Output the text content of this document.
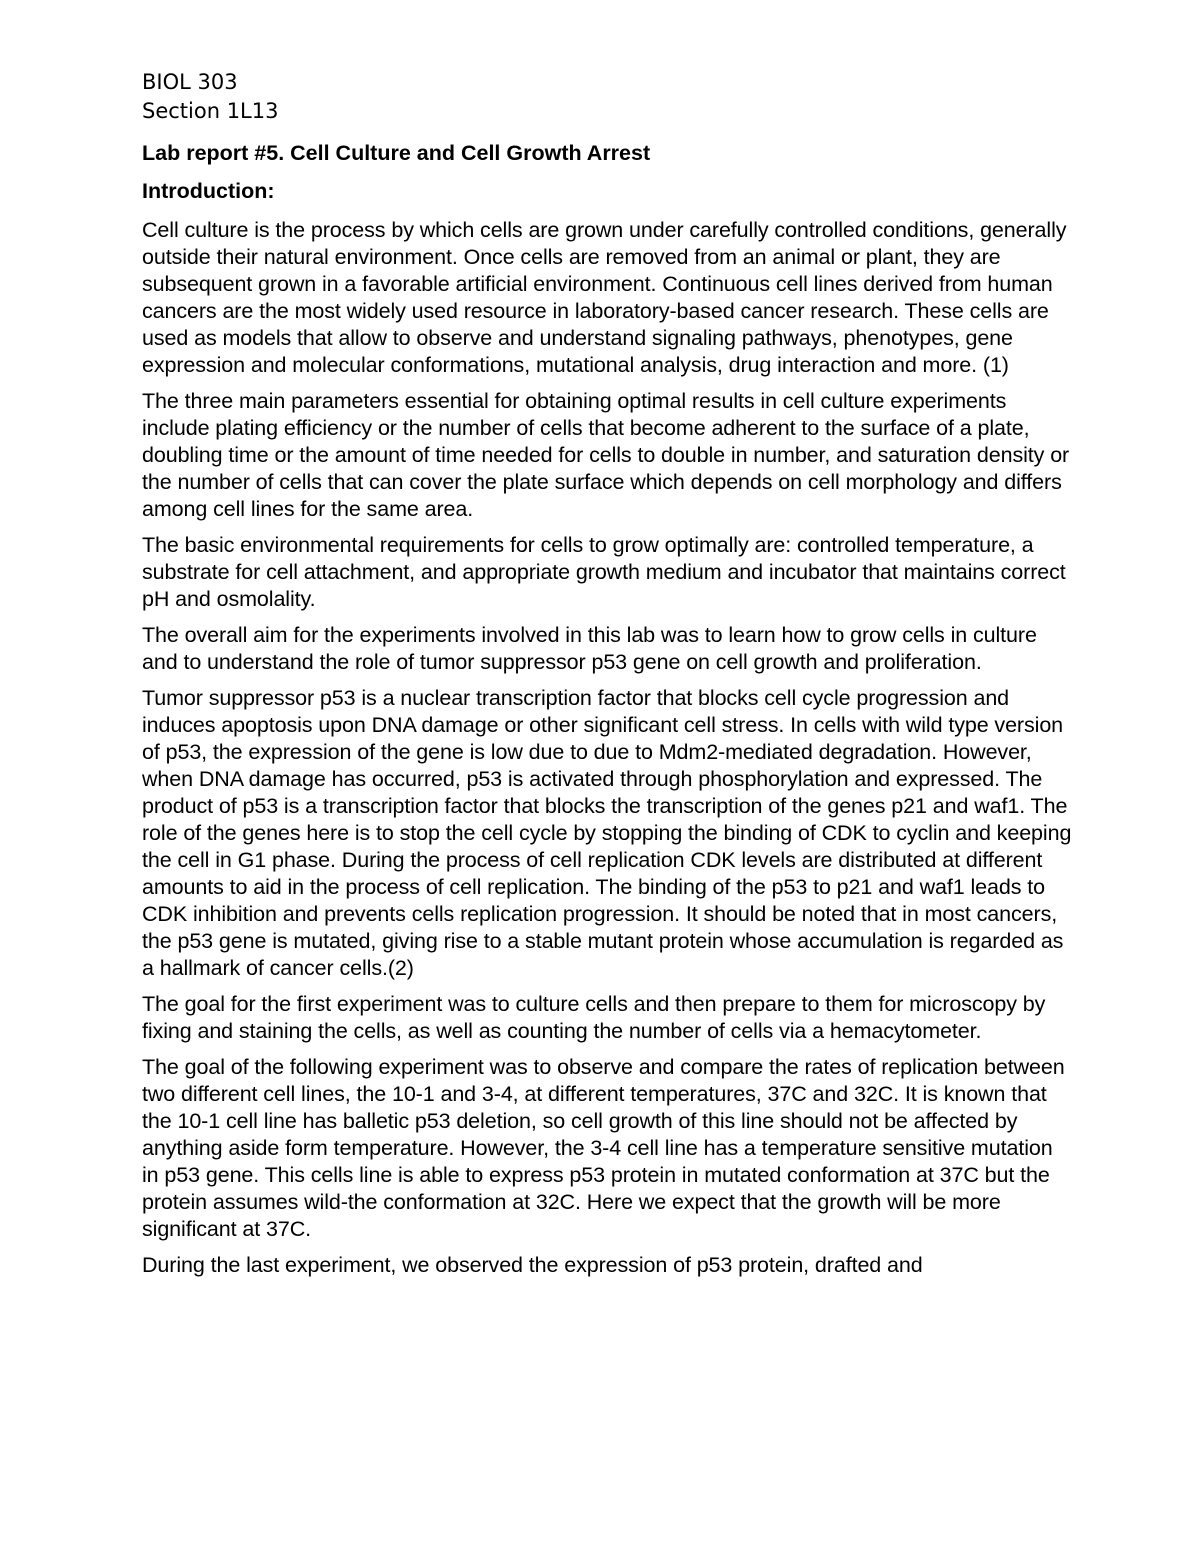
BIOL 303

Section 1L13

Lab report #5. Cell Culture and Cell Growth Arrest

Introduction:

Cell culture is the process by which cells are grown under carefully controlled conditions, generally outside their natural environment. Once cells are removed from an animal or plant, they are subsequent grown in a favorable artificial environment. Continuous cell lines derived from human cancers are the most widely used resource in laboratory-based cancer research. These cells are used as models that allow to observe and understand signaling pathways, phenotypes, gene expression and molecular conformations, mutational analysis, drug interaction and more. (1)

The three main parameters essential for obtaining optimal results in cell culture experiments include plating efficiency or the number of cells that become adherent to the surface of a plate, doubling time or the amount of time needed for cells to double in number, and saturation density or the number of cells that can cover the plate surface which depends on cell morphology and differs among cell lines for the same area.

The basic environmental requirements for cells to grow optimally are: controlled temperature, a substrate for cell attachment, and appropriate growth medium and incubator that maintains correct pH and osmolality.

The overall aim for the experiments involved in this lab was to learn how to grow cells in culture and to understand the role of tumor suppressor p53 gene on cell growth and proliferation.

Tumor suppressor p53 is a nuclear transcription factor that blocks cell cycle progression and induces apoptosis upon DNA damage or other significant cell stress. In cells with wild type version of p53, the expression of the gene is low due to due to Mdm2-mediated degradation. However, when DNA damage has occurred, p53 is activated through phosphorylation and expressed. The product of p53 is a transcription factor that blocks the transcription of the genes p21 and waf1. The role of the genes here is to stop the cell cycle by stopping the binding of CDK to cyclin and keeping the cell in G1 phase. During the process of cell replication CDK levels are distributed at different amounts to aid in the process of cell replication. The binding of the p53 to p21 and waf1 leads to CDK inhibition and prevents cells replication progression. It should be noted that in most cancers, the p53 gene is mutated, giving rise to a stable mutant protein whose accumulation is regarded as a hallmark of cancer cells.(2)

The goal for the first experiment was to culture cells and then prepare to them for microscopy by fixing and staining the cells, as well as counting the number of cells via a hemacytometer.

The goal of the following experiment was to observe and compare the rates of replication between two different cell lines, the 10-1 and 3-4, at different temperatures, 37C and 32C. It is known that the 10-1 cell line has balletic p53 deletion, so cell growth of this line should not be affected by anything aside form temperature. However, the 3-4 cell line has a temperature sensitive mutation in p53 gene. This cells line is able to express p53 protein in mutated conformation at 37C but the protein assumes wild-the conformation at 32C. Here we expect that the growth will be more significant at 37C.

During the last experiment, we observed the expression of p53 protein, drafted and
